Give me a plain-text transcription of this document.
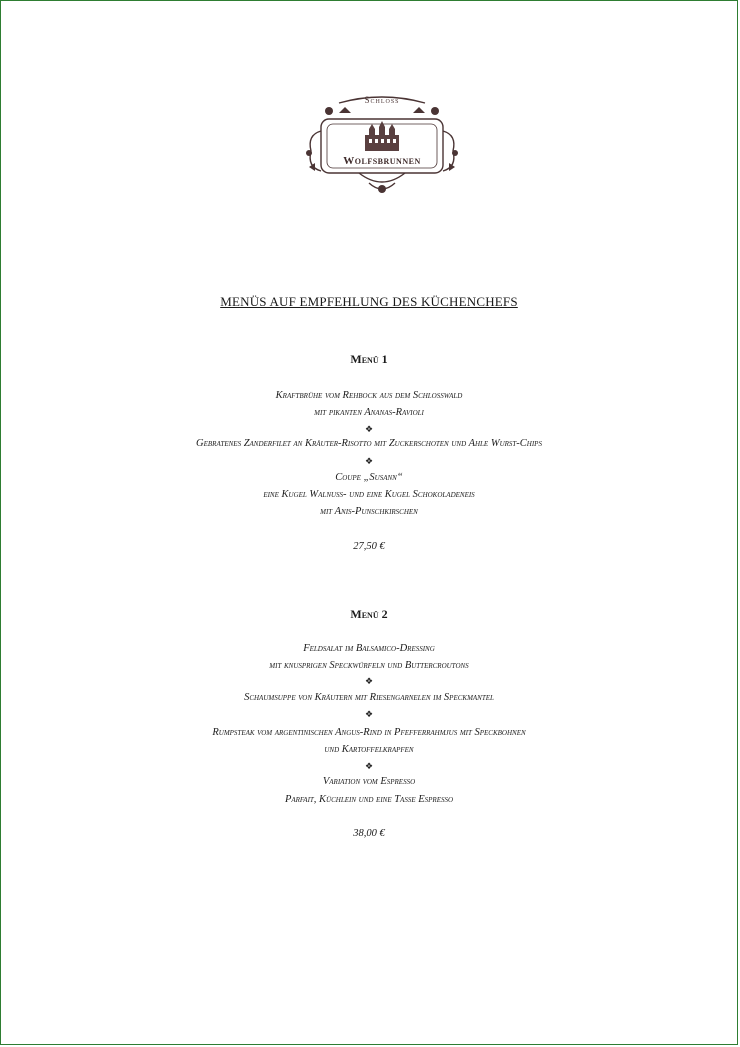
Schloss
Wolfsbrunnen
MENÜS AUF EMPFEHLUNG DES KÜCHENCHEFS
Menü 1
Kraftbrühe vom Rehbock aus dem Schlosswald
mit pikanten Ananas-Ravioli
❖
Gebratenes Zanderfilet an Kräuter-Risotto mit Zuckerschoten und Ahle Wurst-Chips
❖
Coupe „Susann“
eine Kugel Walnuss- und eine Kugel Schokoladeneis
mit Anis-Punschkirschen
27,50 €
Menü 2
Feldsalat im Balsamico-Dressing
mit knusprigen Speckwürfeln und Buttercroutons
❖
Schaumsuppe von Kräutern mit Riesengarnelen im Speckmantel
❖
Rumpsteak vom argentinischen Angus-Rind in Pfefferrahmjus mit Speckbohnen
und Kartoffelkrapfen
❖
Variation vom Espresso
Parfait, Küchlein und eine Tasse Espresso
38,00 €
